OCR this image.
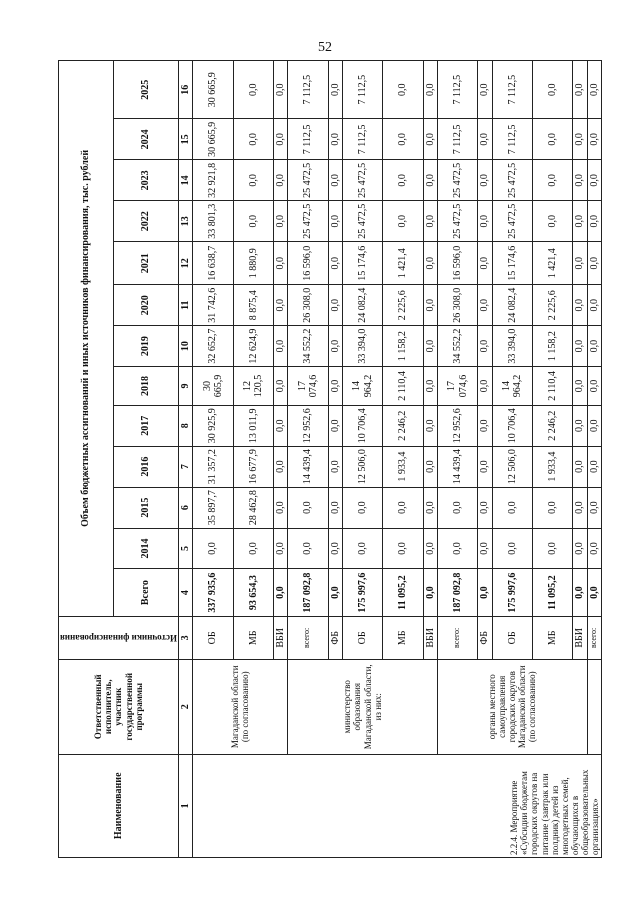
52
Наименование	Ответственный исполнитель, участник государственной программы	Источники финансирования	Объем бюджетных ассигнований и иных источников финансирования, тыс. рублей												
			Всего	2014	2015	2016	2017	2018	2019	2020	2021	2022	2023	2024	2025
1	2	3	4	5	6	7	8	9	10	11	12	13	14	15	16
2.2.4. Мероприятие «Субсидии бюджетам городских округов на питание (завтрак или полдник) детей из многодетных семей, обучающихся в общеобразовательных организациях»	Магаданской области (по согласованию)	ОБ	337 935,6	0,0	35 897,7	31 357,2	30 925,9	30 665,9	32 652,7	31 742,6	16 638,7	33 801,3	32 921,8	30 665,9	30 665,9
		МБ	93 654,3	0,0	28 462,8	16 677,9	13 011,9	12 120,5	12 624,9	8 875,4	1 880,9	0,0	0,0	0,0	0,0
		ВБИ	0,0	0,0	0,0	0,0	0,0	0,0	0,0	0,0	0,0	0,0	0,0	0,0	0,0
	министерство образования Магаданской области, из них:	всего:	187 092,8	0,0	0,0	14 439,4	12 952,6	17 074,6	34 552,2	26 308,0	16 596,0	25 472,5	25 472,5	7 112,5	7 112,5
		ФБ	0,0	0,0	0,0	0,0	0,0	0,0	0,0	0,0	0,0	0,0	0,0	0,0	0,0
		ОБ	175 997,6	0,0	0,0	12 506,0	10 706,4	14 964,2	33 394,0	24 082,4	15 174,6	25 472,5	25 472,5	7 112,5	7 112,5
		МБ	11 095,2	0,0	0,0	1 933,4	2 246,2	2 110,4	1 158,2	2 225,6	1 421,4	0,0	0,0	0,0	0,0
		ВБИ	0,0	0,0	0,0	0,0	0,0	0,0	0,0	0,0	0,0	0,0	0,0	0,0	0,0
	органы местного самоуправления городских округов Магаданской области (по согласованию)	всего:	187 092,8	0,0	0,0	14 439,4	12 952,6	17 074,6	34 552,2	26 308,0	16 596,0	25 472,5	25 472,5	7 112,5	7 112,5
		ФБ	0,0	0,0	0,0	0,0	0,0	0,0	0,0	0,0	0,0	0,0	0,0	0,0	0,0
		ОБ	175 997,6	0,0	0,0	12 506,0	10 706,4	14 964,2	33 394,0	24 082,4	15 174,6	25 472,5	25 472,5	7 112,5	7 112,5
		МБ	11 095,2	0,0	0,0	1 933,4	2 246,2	2 110,4	1 158,2	2 225,6	1 421,4	0,0	0,0	0,0	0,0
		ВБИ	0,0	0,0	0,0	0,0	0,0	0,0	0,0	0,0	0,0	0,0	0,0	0,0	0,0
		всего:	0,0	0,0	0,0	0,0	0,0	0,0	0,0	0,0	0,0	0,0	0,0	0,0	0,0
